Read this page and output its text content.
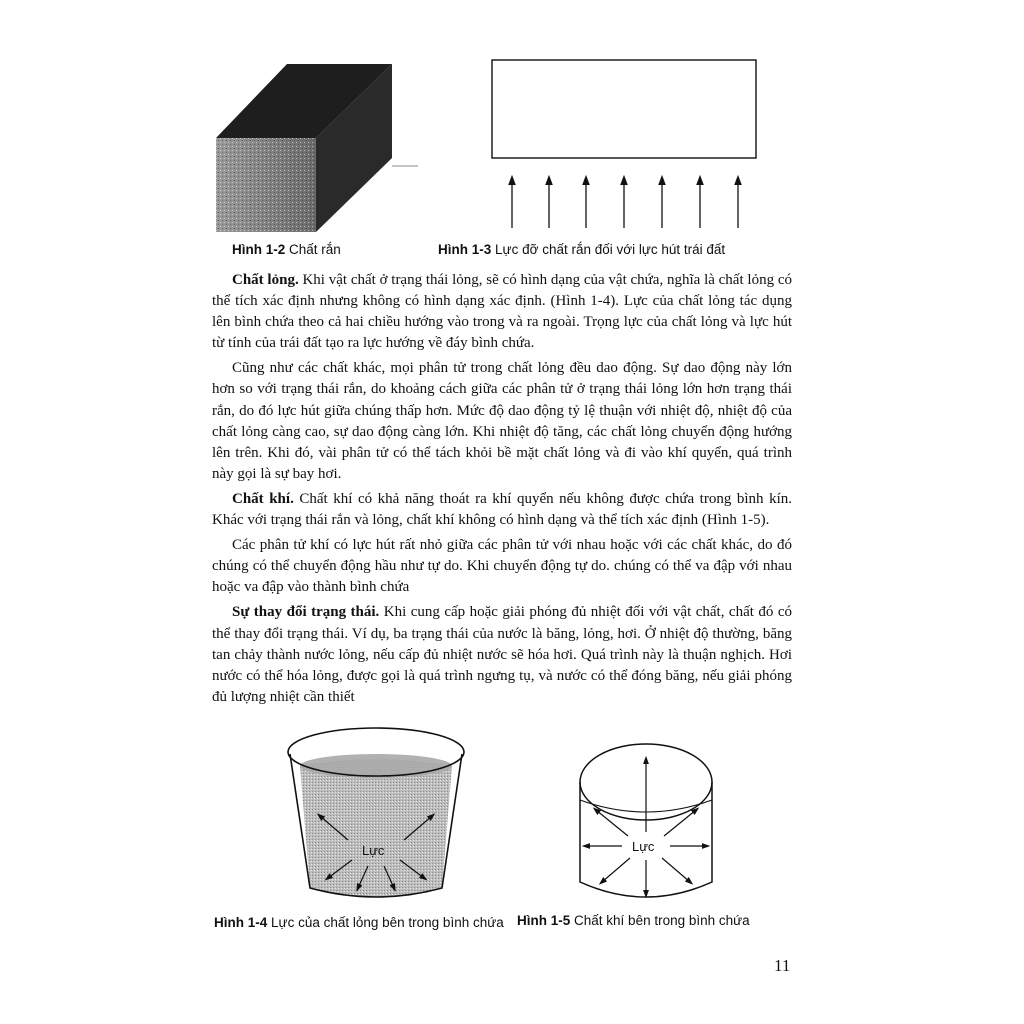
Hình 1-2 Chất rắn	Hình 1-3 Lực đỡ chất rắn đối với lực hút trái đất

Chất lỏng. Khi vật chất ở trạng thái lỏng, sẽ có hình dạng của vật chứa, nghĩa là chất lỏng có thể tích xác định nhưng không có hình dạng xác định. (Hình 1-4). Lực của chất lỏng tác dụng lên bình chứa theo cả hai chiều hướng vào trong và ra ngoài. Trọng lực của chất lỏng và lực hút từ tính của trái đất tạo ra lực hướng về đáy bình chứa.

Cũng như các chất khác, mọi phân tử trong chất lỏng đều dao động. Sự dao động này lớn hơn so với trạng thái rắn, do khoảng cách giữa các phân tử ở trạng thái lỏng lớn hơn trạng thái rắn, do đó lực hút giữa chúng thấp hơn. Mức độ dao động tỷ lệ thuận với nhiệt độ, nhiệt độ của chất lỏng càng cao, sự dao động càng lớn. Khi nhiệt độ tăng, các chất lỏng chuyển động hướng lên trên. Khi đó, vài phân tử có thể tách khỏi bề mặt chất lỏng và đi vào khí quyển, quá trình này gọi là sự bay hơi.

Chất khí. Chất khí có khả năng thoát ra khí quyển nếu không được chứa trong bình kín. Khác với trạng thái rắn và lỏng, chất khí không có hình dạng và thể tích xác định (Hình 1-5).

Các phân tử khí có lực hút rất nhỏ giữa các phân tử với nhau hoặc với các chất khác, do đó chúng có thể chuyển động hầu như tự do. Khi chuyển động tự do. chúng có thể va đập với nhau hoặc va đập vào thành bình chứa

Sự thay đổi trạng thái. Khi cung cấp hoặc giải phóng đủ nhiệt đối với vật chất, chất đó có thể thay đổi trạng thái. Ví dụ, ba trạng thái của nước là băng, lỏng, hơi. Ở nhiệt độ thường, băng tan chảy thành nước lỏng, nếu cấp đủ nhiệt nước sẽ hóa hơi. Quá trình này là thuận nghịch. Hơi nước có thể hóa lỏng, được gọi là quá trình ngưng tụ, và nước có thể đóng băng, nếu giải phóng đủ lượng nhiệt cần thiết

Lực	Lực
Hình 1-4 Lực của chất lỏng bên trong bình chứa Hình 1-5 Chất khí bên trong bình chứa
11
